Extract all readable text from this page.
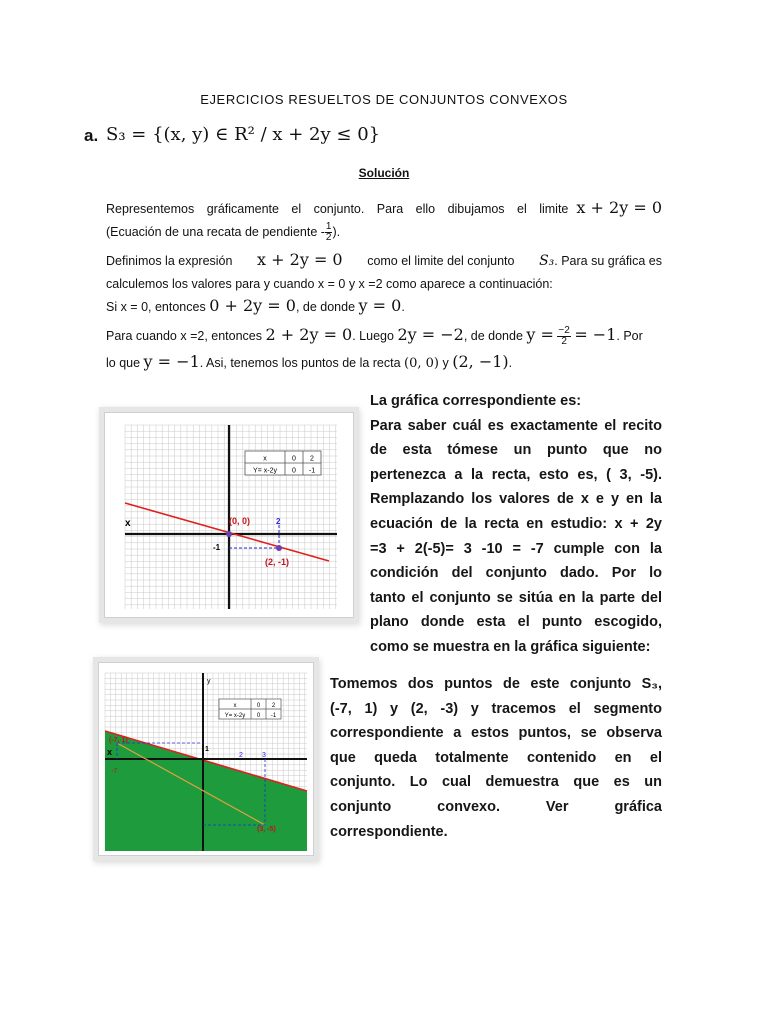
EJERCICIOS RESUELTOS DE CONJUNTOS CONVEXOS
a. S₃ = {(x, y) ∈ R² / x + 2y ≤ 0}
Solución
Representemos gráficamente el conjunto. Para ello dibujamos el limite x + 2y = 0
(Ecuación de una recata de pendiente - $\frac{1}{2}$ ).
Definimos la expresión x + 2y = 0 como el limite del conjunto S₃. Para su gráfica es
calculemos los valores para y cuando x = 0 y x =2 como aparece a continuación:
Si x = 0, entonces 0 + 2y = 0, de donde y = 0.
Para cuando x =2, entonces 2 + 2y = 0. Luego 2y = −2, de donde $y = \frac{-2}{2} = -1$. Por
lo que y = −1. Asi, tenemos los puntos de la recta (0, 0) y (2, −1).
x	0 2
Y= x-2y 0 -1
x	(0, 0)
(2, -1)
2
-1
La gráfica correspondiente es:
Para saber cuál es exactamente el recito
de esta tómese un punto que no
pertenezca a la recta, esto es, ( 3, -5).
Remplazando los valores de x e y en la
ecuación de la recta en estudio: x + 2y
=3 + 2(-5)= 3 -10 = -7 cumple con la
condición del conjunto dado. Por lo
tanto el conjunto se sitúa en la parte del
plano donde esta el punto escogido,
como se muestra en la gráfica siguiente:
x	0 2
Y= x-2y 0 -1
x
y
(-7, 1)
(3, -5)
1
2	3
-7
Tomemos dos puntos de este conjunto S₃,
(-7, 1) y (2, -3) y tracemos el segmento
correspondiente a estos puntos, se observa
que queda totalmente contenido en el
conjunto. Lo cual demuestra que es un
conjunto convexo. Ver gráfica
correspondiente.
